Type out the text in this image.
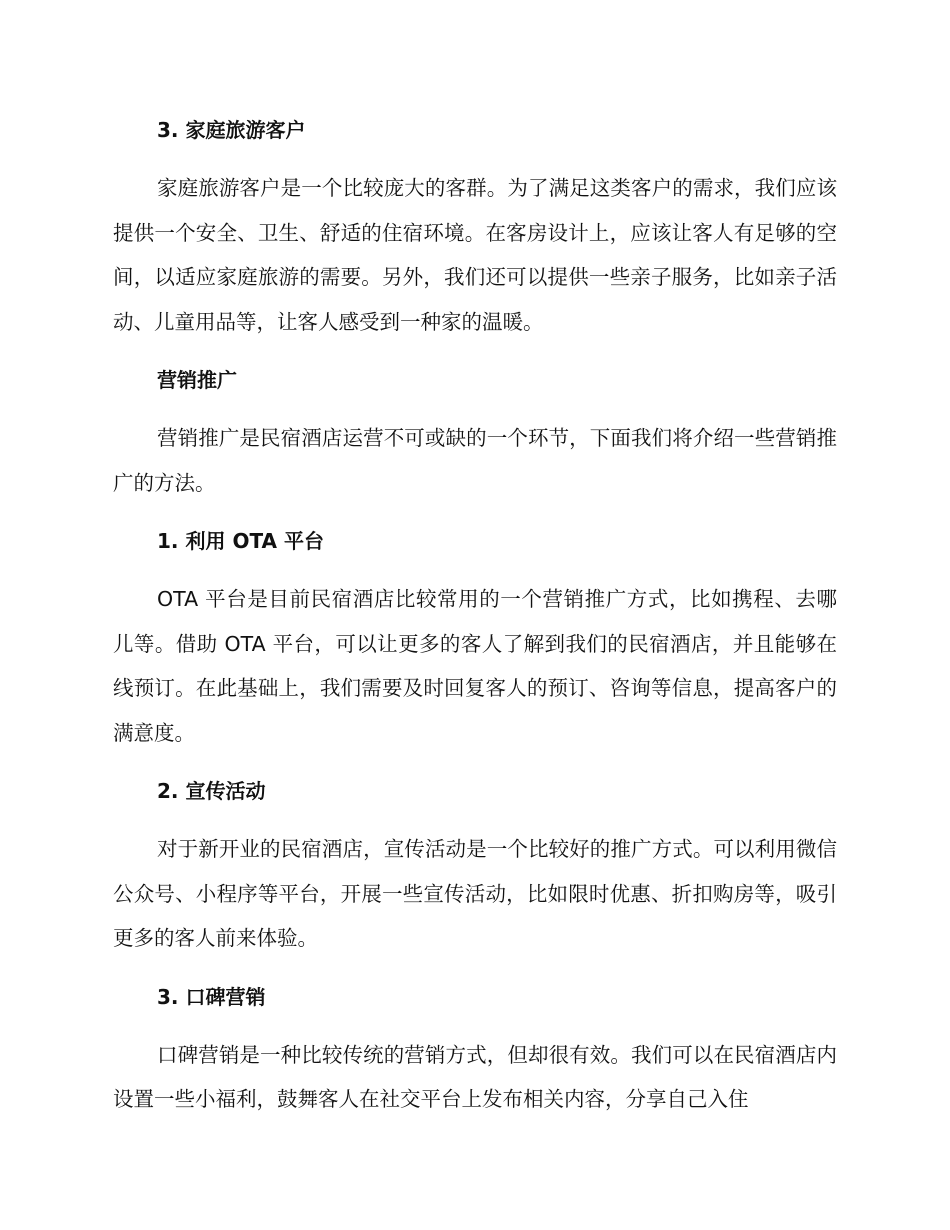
3. 家庭旅游客户

家庭旅游客户是一个比较庞大的客群。为了满足这类客户的需求，我们应该提供一个安全、卫生、舒适的住宿环境。在客房设计上，应该让客人有足够的空间，以适应家庭旅游的需要。另外，我们还可以提供一些亲子服务，比如亲子活动、儿童用品等，让客人感受到一种家的温暖。

营销推广

营销推广是民宿酒店运营不可或缺的一个环节，下面我们将介绍一些营销推广的方法。

1. 利用 OTA 平台

OTA 平台是目前民宿酒店比较常用的一个营销推广方式，比如携程、去哪儿等。借助 OTA 平台，可以让更多的客人了解到我们的民宿酒店，并且能够在线预订。在此基础上，我们需要及时回复客人的预订、咨询等信息，提高客户的满意度。

2. 宣传活动

对于新开业的民宿酒店，宣传活动是一个比较好的推广方式。可以利用微信公众号、小程序等平台，开展一些宣传活动，比如限时优惠、折扣购房等，吸引更多的客人前来体验。

3. 口碑营销

口碑营销是一种比较传统的营销方式，但却很有效。我们可以在民宿酒店内设置一些小福利，鼓舞客人在社交平台上发布相关内容，分享自己入住
